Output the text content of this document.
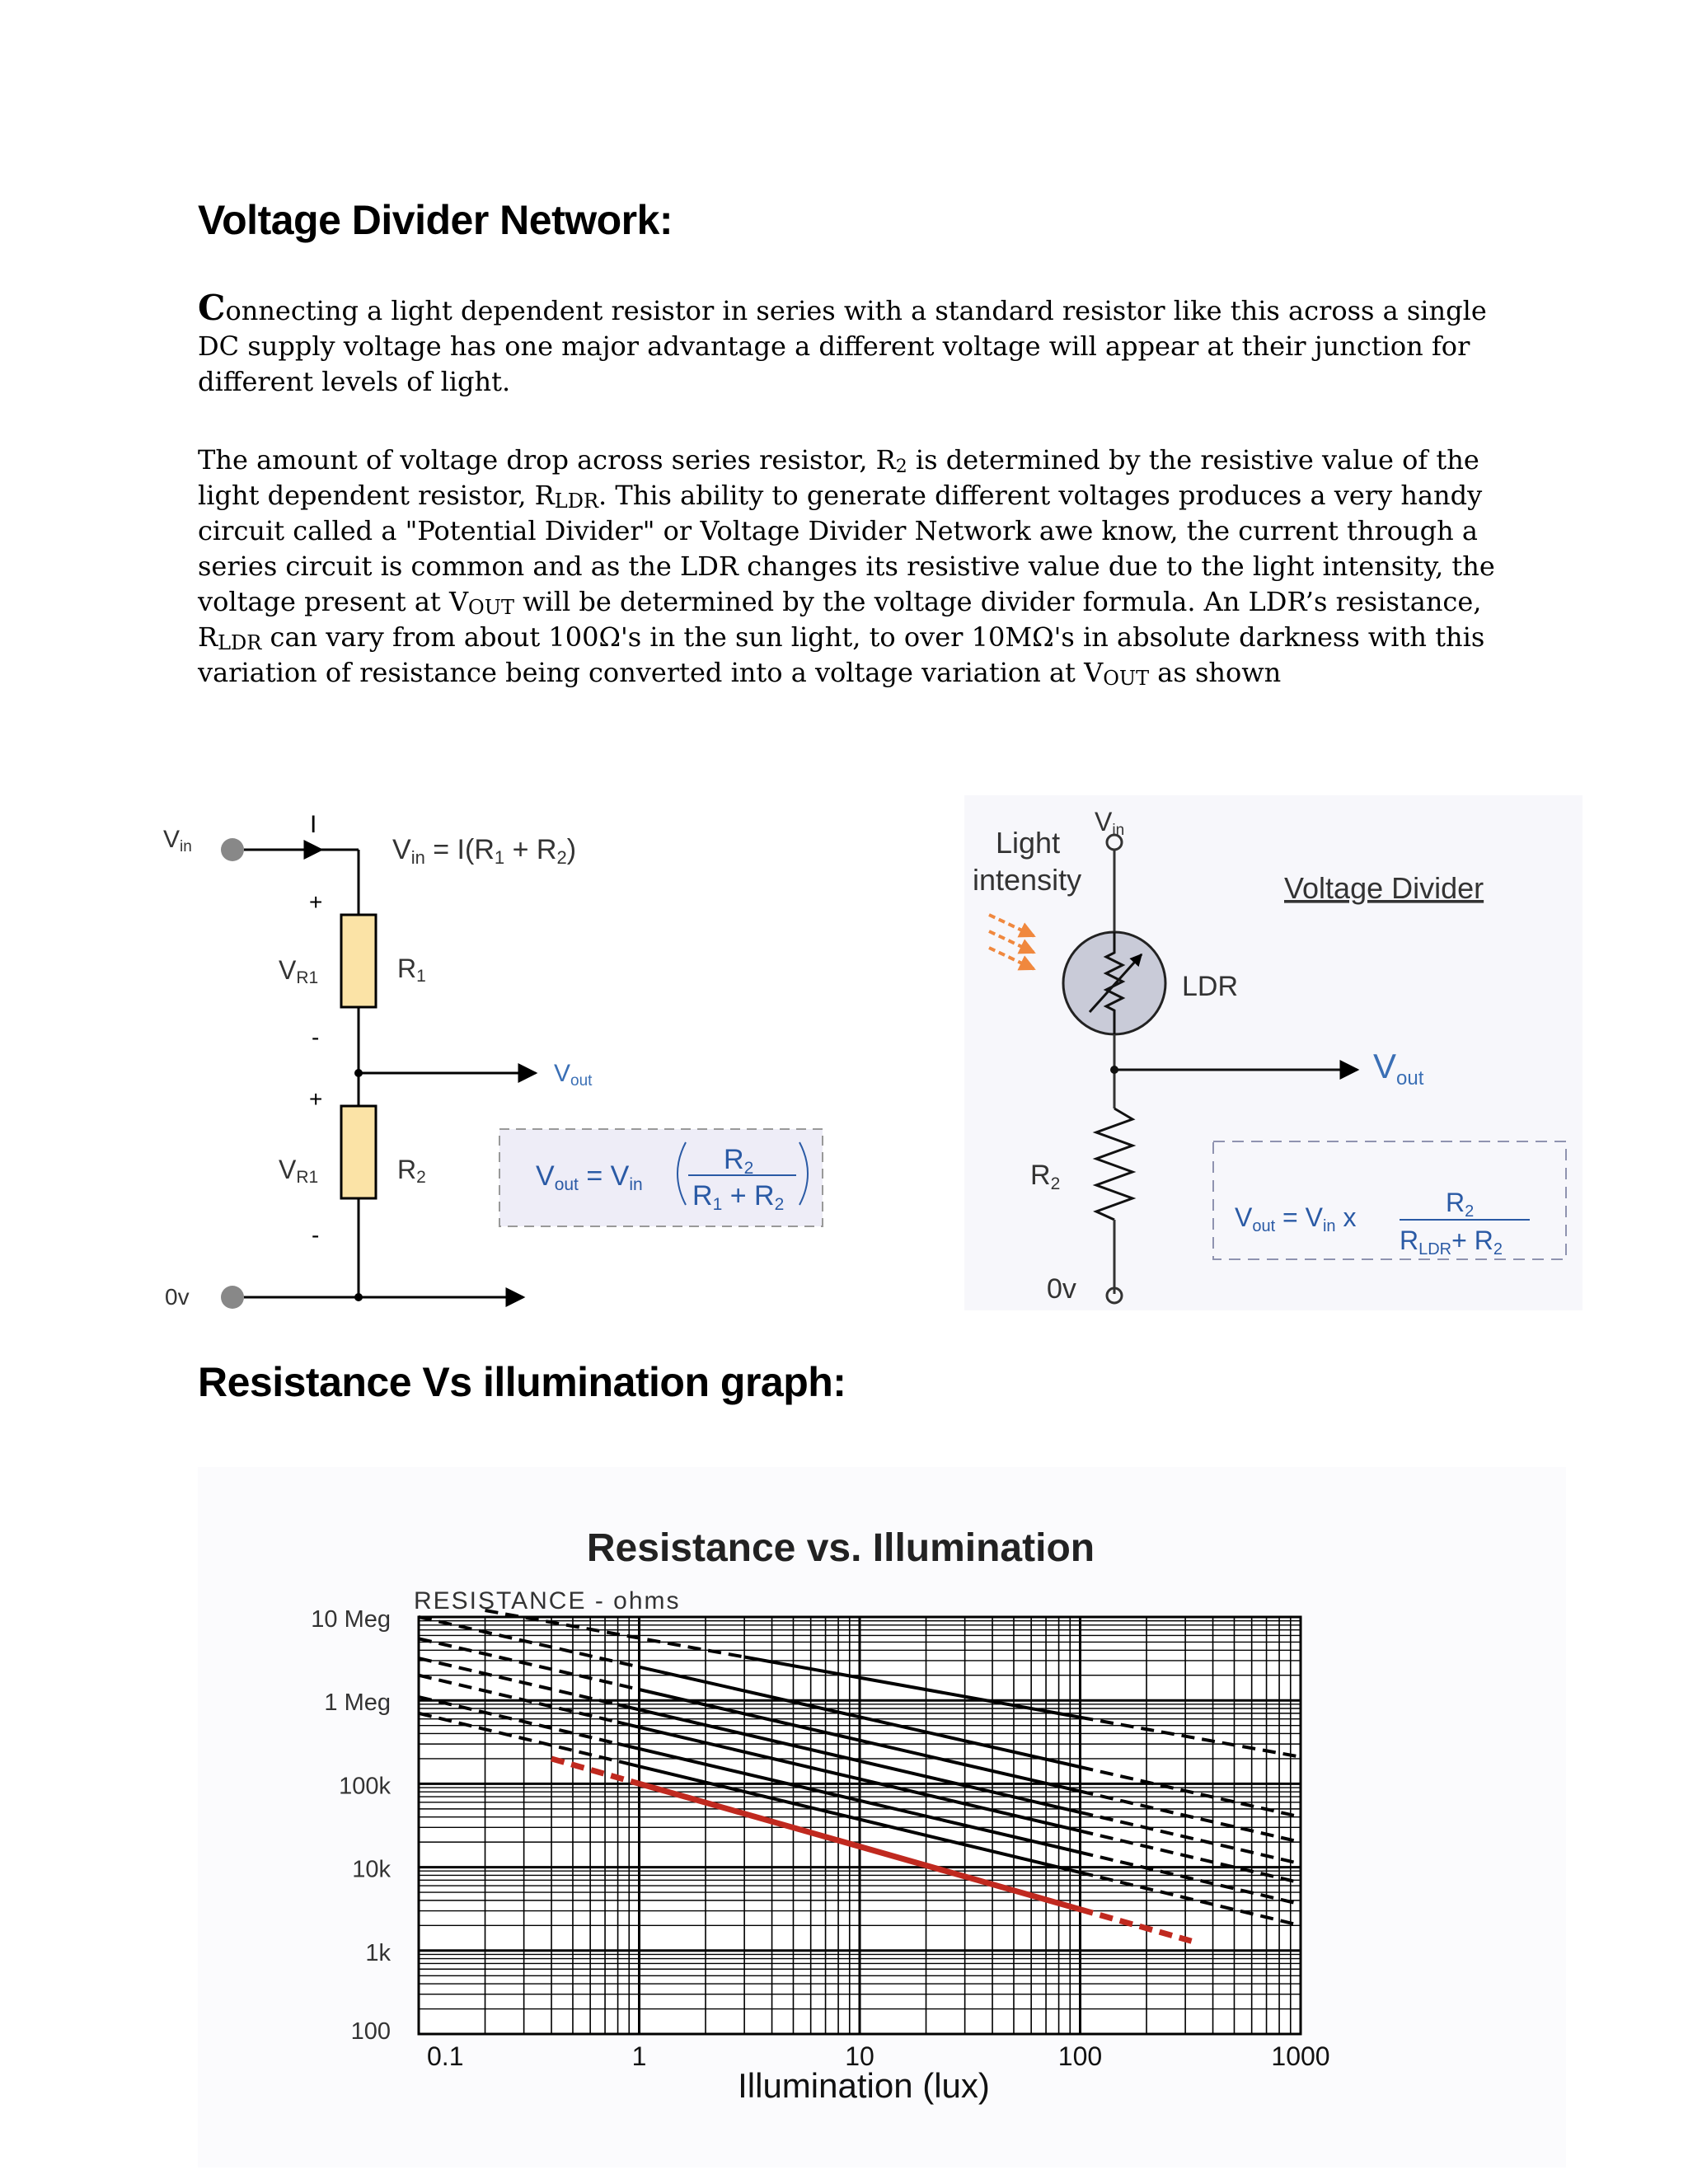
Voltage Divider Network:

Connecting a light dependent resistor in series with a standard resistor like this across a single DC supply voltage has one major advantage a different voltage will appear at their junction for different levels of light.

The amount of voltage drop across series resistor, $R_2$ is determined by the resistive value of the light dependent resistor, $R_{LDR}$. This ability to generate different voltages produces a very handy circuit called a "Potential Divider" or Voltage Divider Network awe know, the current through a series circuit is common and as the LDR changes its resistive value due to the light intensity, the voltage present at $V_{OUT}$ will be determined by the voltage divider formula. An LDR’s resistance, $R_{LDR}$ can vary from about 100Ω's in the sun light, to over 10MΩ's in absolute darkness with this variation of resistance being converted into a voltage variation at $V_{OUT}$ as shown

Vin
I
Vin = I(R1 + R2)
Vout
+
VR1
-
R1
+
VR1
-
R2
0v
Vout = Vin
R2
R1 + R2
Vin
Light
intensity	Voltage Divider
LDR
Vout
R2
0v
Vout = Vin x	R2
RLDR+ R2
Resistance Vs illumination graph:
Resistance vs. Illumination
RESISTANCE - ohms
Illumination (lux)
0.1	1	10	100	1000
10 Meg
1 Meg
100k
10k
1k
100
